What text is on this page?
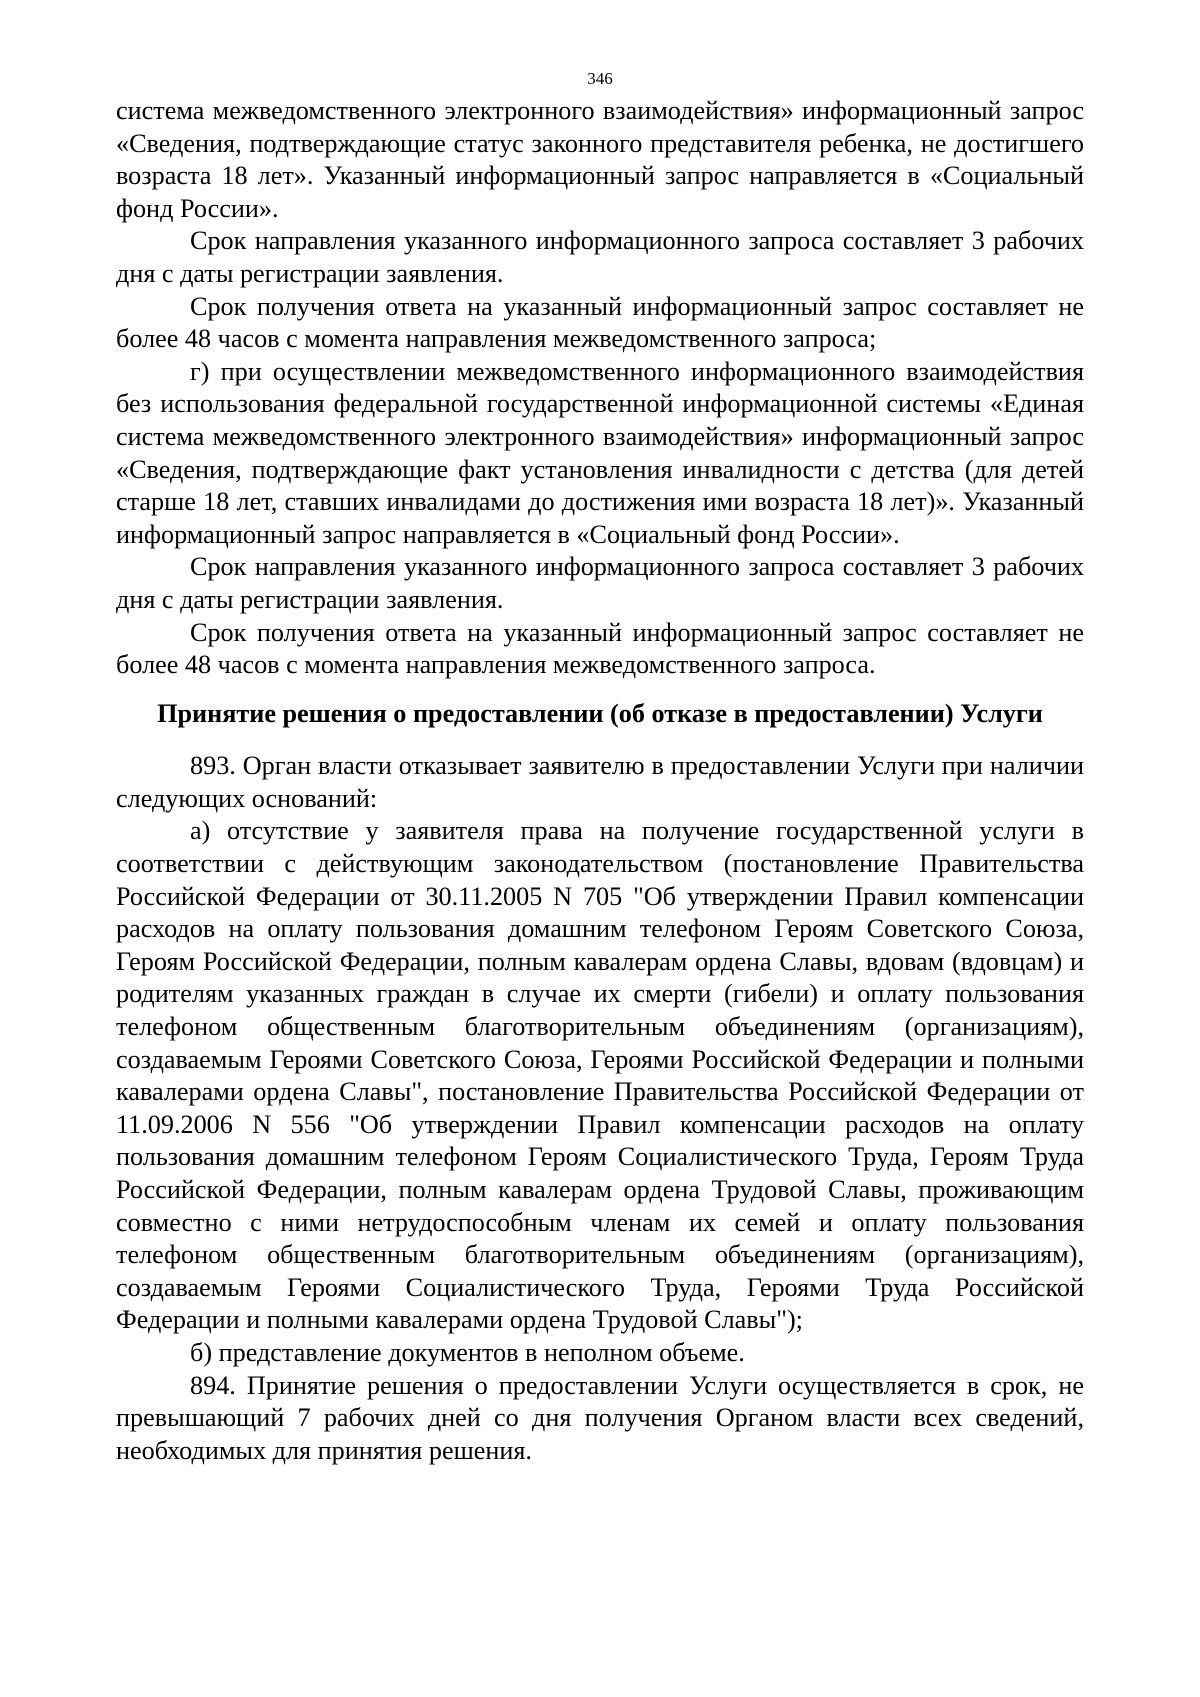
346

система межведомственного электронного взаимодействия» информационный запрос «Сведения, подтверждающие статус законного представителя ребенка, не достигшего возраста 18 лет». Указанный информационный запрос направляется в «Социальный фонд России».

Срок направления указанного информационного запроса составляет 3 рабочих дня с даты регистрации заявления.

Срок получения ответа на указанный информационный запрос составляет не более 48 часов с момента направления межведомственного запроса;

г) при осуществлении межведомственного информационного взаимодействия без использования федеральной государственной информационной системы «Единая система межведомственного электронного взаимодействия» информационный запрос «Сведения, подтверждающие факт установления инвалидности с детства (для детей старше 18 лет, ставших инвалидами до достижения ими возраста 18 лет)». Указанный информационный запрос направляется в «Социальный фонд России».

Срок направления указанного информационного запроса составляет 3 рабочих дня с даты регистрации заявления.

Срок получения ответа на указанный информационный запрос составляет не более 48 часов с момента направления межведомственного запроса.

Принятие решения о предоставлении (об отказе в предоставлении) Услуги

893. Орган власти отказывает заявителю в предоставлении Услуги при наличии следующих оснований:

а) отсутствие у заявителя права на получение государственной услуги в соответствии с действующим законодательством (постановление Правительства Российской Федерации от 30.11.2005 N 705 "Об утверждении Правил компенсации расходов на оплату пользования домашним телефоном Героям Советского Союза, Героям Российской Федерации, полным кавалерам ордена Славы, вдовам (вдовцам) и родителям указанных граждан в случае их смерти (гибели) и оплату пользования телефоном общественным благотворительным объединениям (организациям), создаваемым Героями Советского Союза, Героями Российской Федерации и полными кавалерами ордена Славы", постановление Правительства Российской Федерации от 11.09.2006 N 556 "Об утверждении Правил компенсации расходов на оплату пользования домашним телефоном Героям Социалистического Труда, Героям Труда Российской Федерации, полным кавалерам ордена Трудовой Славы, проживающим совместно с ними нетрудоспособным членам их семей и оплату пользования телефоном общественным благотворительным объединениям (организациям), создаваемым Героями Социалистического Труда, Героями Труда Российской Федерации и полными кавалерами ордена Трудовой Славы");

б) представление документов в неполном объеме.

894. Принятие решения о предоставлении Услуги осуществляется в срок, не превышающий 7 рабочих дней со дня получения Органом власти всех сведений, необходимых для принятия решения.
